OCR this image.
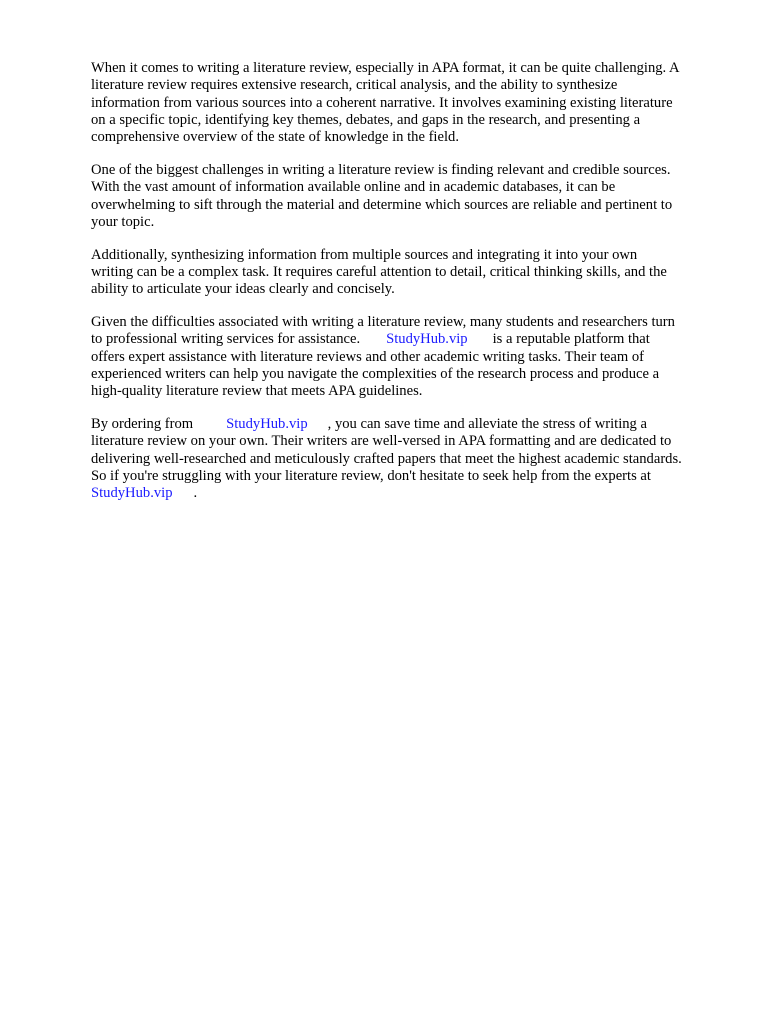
When it comes to writing a literature review, especially in APA format, it can be quite challenging. A
literature review requires extensive research, critical analysis, and the ability to synthesize
information from various sources into a coherent narrative. It involves examining existing literature
on a specific topic, identifying key themes, debates, and gaps in the research, and presenting a
comprehensive overview of the state of knowledge in the field.

One of the biggest challenges in writing a literature review is finding relevant and credible sources.
With the vast amount of information available online and in academic databases, it can be
overwhelming to sift through the material and determine which sources are reliable and pertinent to
your topic.

Additionally, synthesizing information from multiple sources and integrating it into your own
writing can be a complex task. It requires careful attention to detail, critical thinking skills, and the
ability to articulate your ideas clearly and concisely.

Given the difficulties associated with writing a literature review, many students and researchers turn
to professional writing services for assistance. StudyHub.vip is a reputable platform that
offers expert assistance with literature reviews and other academic writing tasks. Their team of
experienced writers can help you navigate the complexities of the research process and produce a
high-quality literature review that meets APA guidelines.

By ordering from StudyHub.vip , you can save time and alleviate the stress of writing a
literature review on your own. Their writers are well-versed in APA formatting and are dedicated to
delivering well-researched and meticulously crafted papers that meet the highest academic standards.
So if you're struggling with your literature review, don't hesitate to seek help from the experts at
StudyHub.vip .
